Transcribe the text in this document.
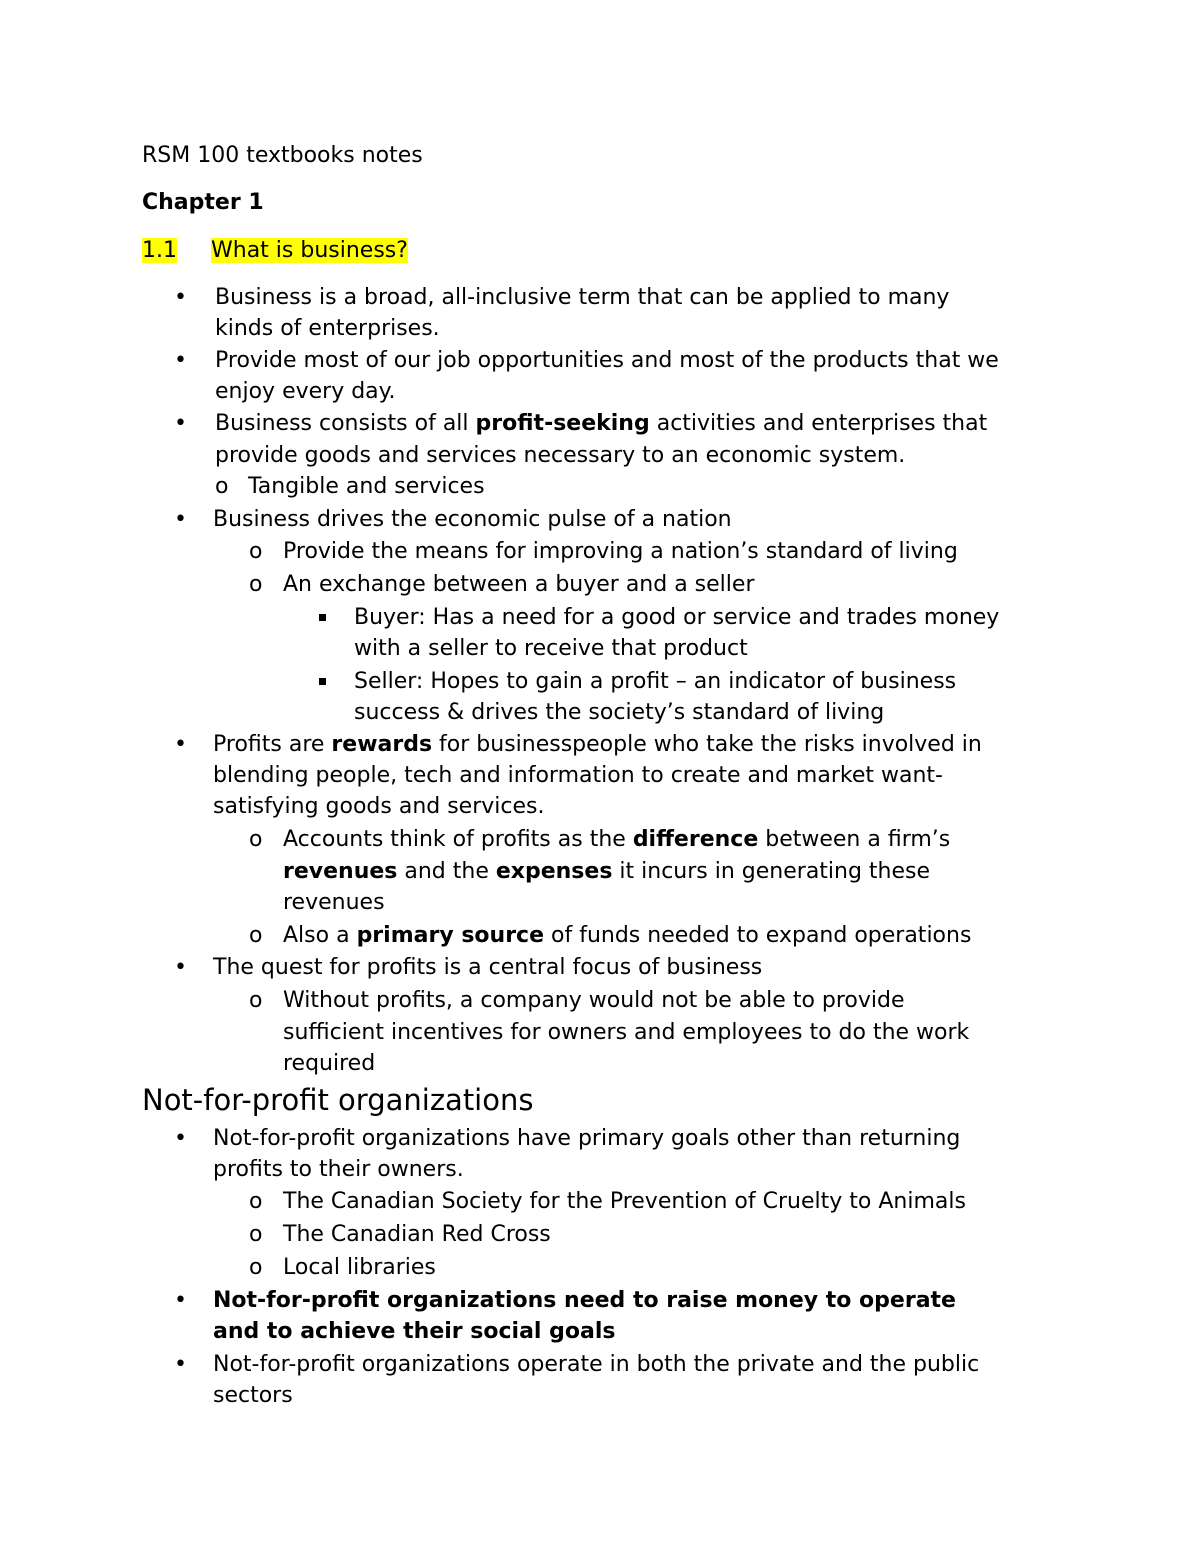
RSM 100 textbooks notes

Chapter 1

1.1 What is business?

• Business is a broad, all-inclusive term that can be applied to many

kinds of enterprises.

• Provide most of our job opportunities and most of the products that we

enjoy every day.

• Business consists of all profit-seeking activities and enterprises that

provide goods and services necessary to an economic system.

o Tangible and services

• Business drives the economic pulse of a nation

o Provide the means for improving a nation’s standard of living

o An exchange between a buyer and a seller

Buyer: Has a need for a good or service and trades money

with a seller to receive that product

Seller: Hopes to gain a profit – an indicator of business

success & drives the society’s standard of living

• Profits are rewards for businesspeople who take the risks involved in

blending people, tech and information to create and market want-

satisfying goods and services.

o Accounts think of profits as the difference between a firm’s

revenues and the expenses it incurs in generating these

revenues

o Also a primary source of funds needed to expand operations

• The quest for profits is a central focus of business

o Without profits, a company would not be able to provide

sufficient incentives for owners and employees to do the work

required

Not-for-profit organizations

• Not-for-profit organizations have primary goals other than returning

profits to their owners.

o The Canadian Society for the Prevention of Cruelty to Animals

o The Canadian Red Cross

o Local libraries

• Not-for-profit organizations need to raise money to operate

and to achieve their social goals

• Not-for-profit organizations operate in both the private and the public

sectors
